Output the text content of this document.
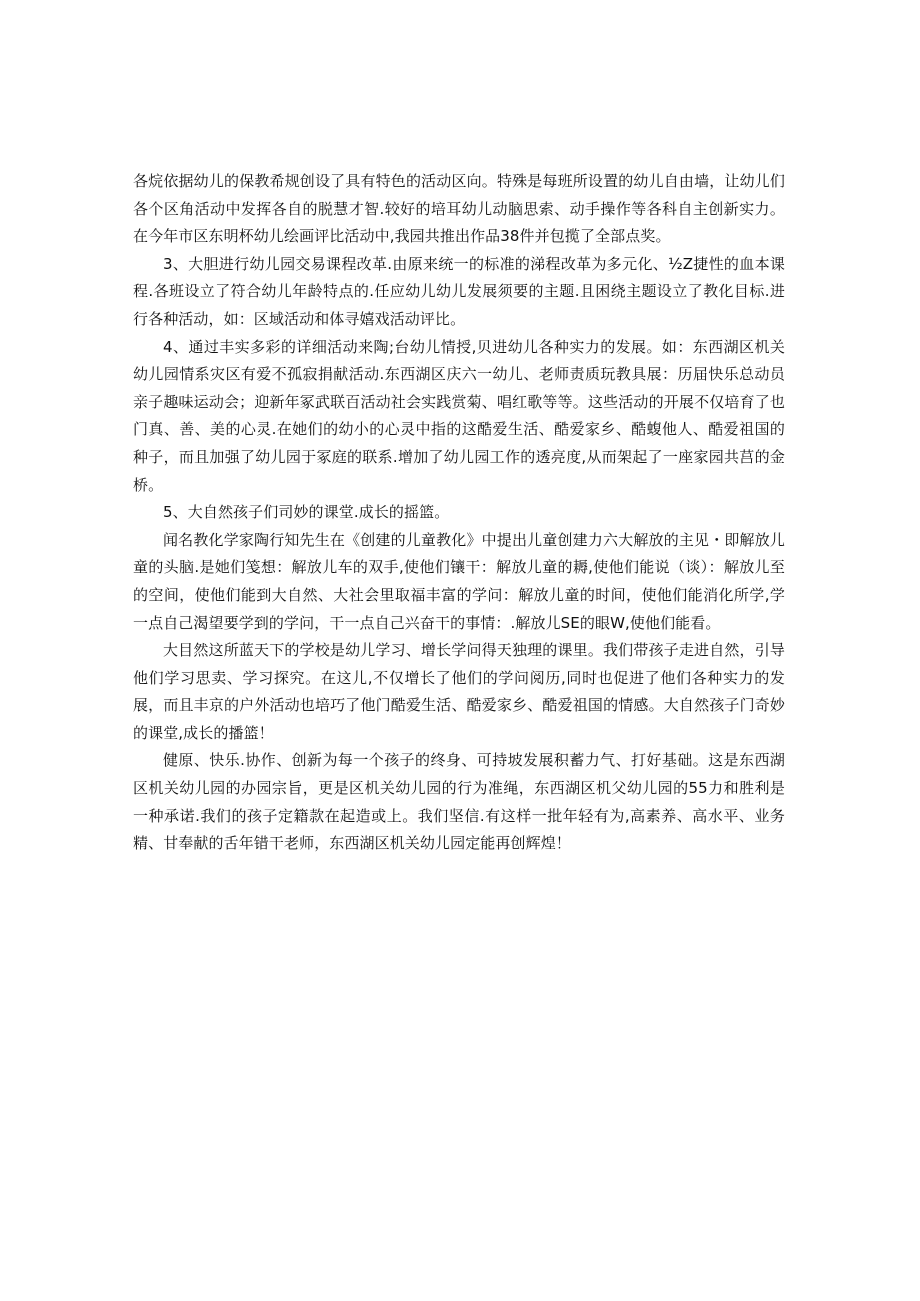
各烷依据幼儿的保教希规创设了具有特色的活动区向。特殊是每班所设置的幼儿自由墙，让幼儿们各个区角活动中发挥各自的脱慧才智.较好的培耳幼儿动脑思索、动手操作等各科自主创新实力。在今年市区东明杯幼儿绘画评比活动中,我园共推出作品38件并包揽了全部点奖。

3、大胆进行幼儿园交易课程改革.由原来统一的标准的涕程改革为多元化、½Z捷性的血本课程.各班设立了符合幼儿年龄特点的.任应幼儿幼儿发展须要的主题.且困绕主题设立了教化目标.进行各种活动，如：区域活动和体寻嬉戏活动评比。

4、通过丰实多彩的详细活动来陶;台幼儿情授,贝进幼儿各种实力的发展。如：东西湖区机关幼儿园情系灾区有爱不孤寂捐献活动.东西湖区庆六一幼儿、老师责质玩教具展：历届快乐总动员亲子趣味运动会；迎新年冢武联百活动社会实践赏菊、唱红歌等等。这些活动的开展不仅培育了也门真、善、美的心灵.在她们的幼小的心灵中指的这酷爱生活、酷爱家乡、酷蝮他人、酷爱祖国的种子，而且加强了幼儿园于冢庭的联系.增加了幼儿园工作的透亮度,从而架起了一座家园共莒的金桥。

5、大自然孩子们司妙的课堂.成长的摇篮。

闻名教化学家陶行知先生在《创建的儿童教化》中提出儿童创建力六大解放的主见・即解放儿童的头脑.是她们笺想：解放儿车的双手,使他们镶干：解放儿童的耨,使他们能说（谈）：解放儿至的空间，使他们能到大自然、大社会里取福丰富的学问：解放儿童的时间，使他们能消化所学,学一点自己渴望要学到的学问，干一点自己兴奋干的事情：.解放儿SE的眼W,使他们能看。

大目然这所蓝天下的学校是幼儿学习、增长学问得天独理的课里。我们带孩子走进自然，引导他们学习思卖、学习探究。在这儿,不仅增长了他们的学问阅历,同时也促进了他们各种实力的发展，而且丰京的户外活动也培巧了他门酷爱生活、酷爱家乡、酷爱祖国的情感。大自然孩子门奇妙的课堂,成长的播篮！

健原、快乐.协作、创新为每一个孩子的终身、可持坡发展积蓄力气、打好基础。这是东西湖区机关幼儿园的办园宗旨，更是区机关幼儿园的行为准绳，东西湖区机父幼儿园的55力和胜利是一种承诺.我们的孩子定籍款在起造或上。我们坚信.有这样一批年轻有为,高素养、高水平、业务精、甘奉献的舌年错干老师，东西湖区机关幼儿园定能再创辉煌！
